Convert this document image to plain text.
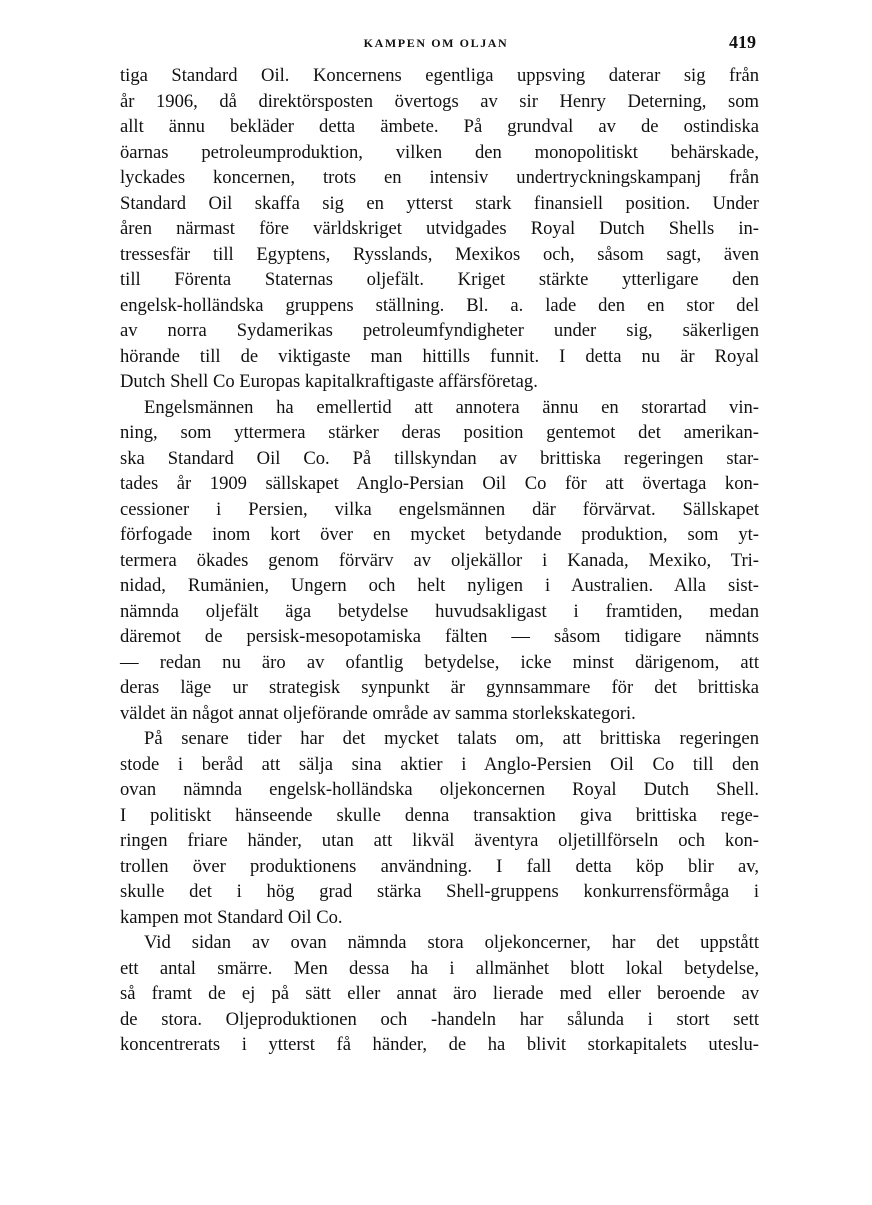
KAMPEN OM OLJAN	419
tiga Standard Oil. Koncernens egentliga uppsving daterar sig från
år 1906, då direktörsposten övertogs av sir Henry Deterning, som
allt ännu bekläder detta ämbete. På grundval av de ostindiska
öarnas petroleumproduktion, vilken den monopolitiskt behärskade,
lyckades koncernen, trots en intensiv undertryckningskampanj från
Standard Oil skaffa sig en ytterst stark finansiell position. Under
åren närmast före världskriget utvidgades Royal Dutch Shells in-
tressesfär till Egyptens, Rysslands, Mexikos och, såsom sagt, även
till Förenta Staternas oljefält. Kriget stärkte ytterligare den
engelsk-holländska gruppens ställning. Bl. a. lade den en stor del
av norra Sydamerikas petroleumfyndigheter under sig, säkerligen
hörande till de viktigaste man hittills funnit. I detta nu är Royal
Dutch Shell Co Europas kapitalkraftigaste affärsföretag.
Engelsmännen ha emellertid att annotera ännu en storartad vin-
ning, som yttermera stärker deras position gentemot det amerikan-
ska Standard Oil Co. På tillskyndan av brittiska regeringen star-
tades år 1909 sällskapet Anglo-Persian Oil Co för att övertaga kon-
cessioner i Persien, vilka engelsmännen där förvärvat. Sällskapet
förfogade inom kort över en mycket betydande produktion, som yt-
termera ökades genom förvärv av oljekällor i Kanada, Mexiko, Tri-
nidad, Rumänien, Ungern och helt nyligen i Australien. Alla sist-
nämnda oljefält äga betydelse huvudsakligast i framtiden, medan
däremot de persisk-mesopotamiska fälten — såsom tidigare nämnts
— redan nu äro av ofantlig betydelse, icke minst därigenom, att
deras läge ur strategisk synpunkt är gynnsammare för det brittiska
väldet än något annat oljeförande område av samma storlekskategori.
På senare tider har det mycket talats om, att brittiska regeringen
stode i beråd att sälja sina aktier i Anglo-Persien Oil Co till den
ovan nämnda engelsk-holländska oljekoncernen Royal Dutch Shell.
I politiskt hänseende skulle denna transaktion giva brittiska rege-
ringen friare händer, utan att likväl äventyra oljetillförseln och kon-
trollen över produktionens användning. I fall detta köp blir av,
skulle det i hög grad stärka Shell-gruppens konkurrensförmåga i
kampen mot Standard Oil Co.
Vid sidan av ovan nämnda stora oljekoncerner, har det uppstått
ett antal smärre. Men dessa ha i allmänhet blott lokal betydelse,
så framt de ej på sätt eller annat äro lierade med eller beroende av
de stora. Oljeproduktionen och -handeln har sålunda i stort sett
koncentrerats i ytterst få händer, de ha blivit storkapitalets uteslu-
